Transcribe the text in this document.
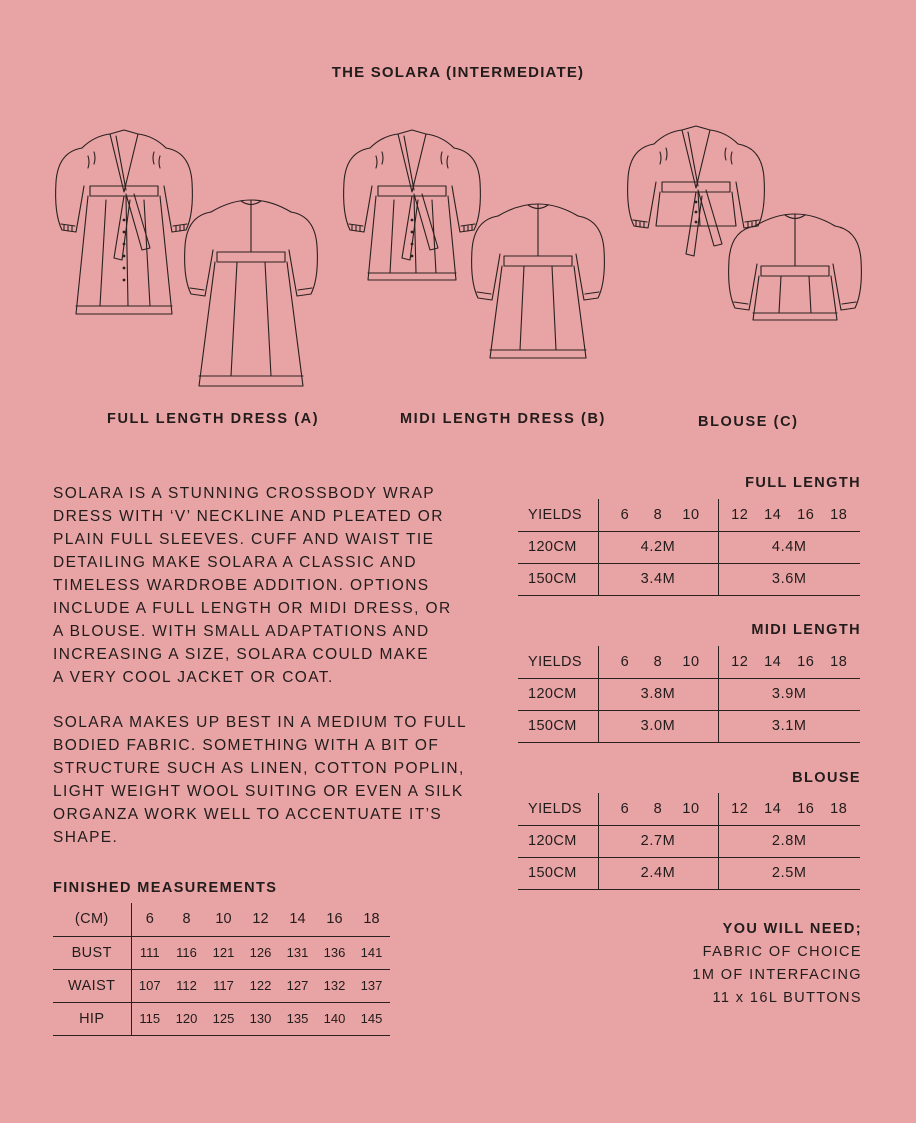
THE SOLARA (INTERMEDIATE)
FULL LENGTH DRESS (A)	MIDI LENGTH DRESS (B)	BLOUSE (C)

SOLARA IS A STUNNING CROSSBODY WRAP
DRESS WITH ‘V’ NECKLINE AND PLEATED OR
PLAIN FULL SLEEVES. CUFF AND WAIST TIE
DETAILING MAKE SOLARA A CLASSIC AND
TIMELESS WARDROBE ADDITION. OPTIONS
INCLUDE A FULL LENGTH OR MIDI DRESS, OR
A BLOUSE. WITH SMALL ADAPTATIONS AND
INCREASING A SIZE, SOLARA COULD MAKE
A VERY COOL JACKET OR COAT.

SOLARA MAKES UP BEST IN A MEDIUM TO FULL
BODIED FABRIC. SOMETHING WITH A BIT OF
STRUCTURE SUCH AS LINEN, COTTON POPLIN,
LIGHT WEIGHT WOOL SUITING OR EVEN A SILK
ORGANZA WORK WELL TO ACCENTUATE IT’S
SHAPE.

FINISHED MEASUREMENTS
(CM)	6	8	10	12	14	16	18
BUST	111	116	121	126	131	136	141
WAIST	107	112	117	122	127	132	137
HIP	115	120	125	130	135	140	145
FULL LENGTH
YIELDS	6 8 10	12 14 16 18
120CM	4.2M	4.4M
150CM	3.4M	3.6M
MIDI LENGTH
YIELDS	6 8 10	12 14 16 18
120CM	3.8M	3.9M
150CM	3.0M	3.1M
BLOUSE
YIELDS	6 8 10	12 14 16 18
120CM	2.7M	2.8M
150CM	2.4M	2.5M
YOU WILL NEED;
FABRIC OF CHOICE
1M OF INTERFACING
11 x 16L BUTTONS
